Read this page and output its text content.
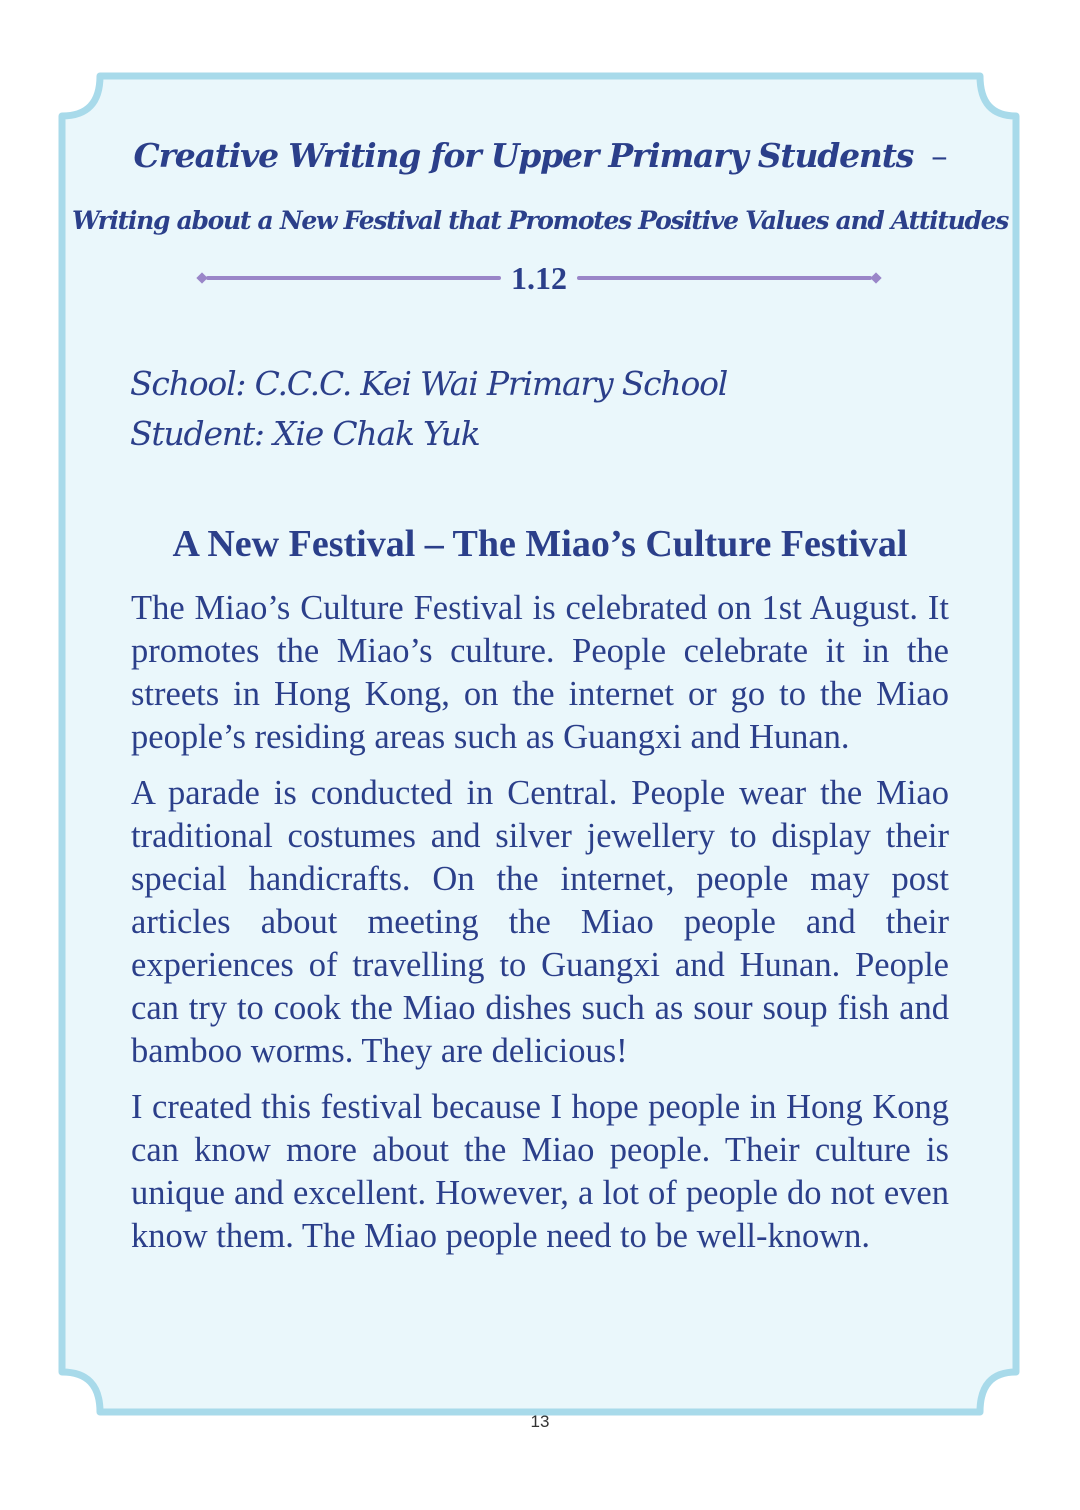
Creative Writing for Upper Primary Students –
Writing about a New Festival that Promotes Positive Values and Attitudes
1.12
School: C.C.C. Kei Wai Primary School
Student: Xie Chak Yuk
A New Festival – The Miao’s Culture Festival

The Miao’s Culture Festival is celebrated on 1st August. It promotes the Miao’s culture. People celebrate it in the streets in Hong Kong, on the internet or go to the Miao people’s residing areas such as Guangxi and Hunan.

A parade is conducted in Central. People wear the Miao traditional costumes and silver jewellery to display their special handicrafts. On the internet, people may post articles about meeting the Miao people and their experiences of travelling to Guangxi and Hunan. People can try to cook the Miao dishes such as sour soup fish and bamboo worms. They are delicious!

I created this festival because I hope people in Hong Kong can know more about the Miao people. Their culture is unique and excellent. However, a lot of people do not even know them. The Miao people need to be well-known.

13
